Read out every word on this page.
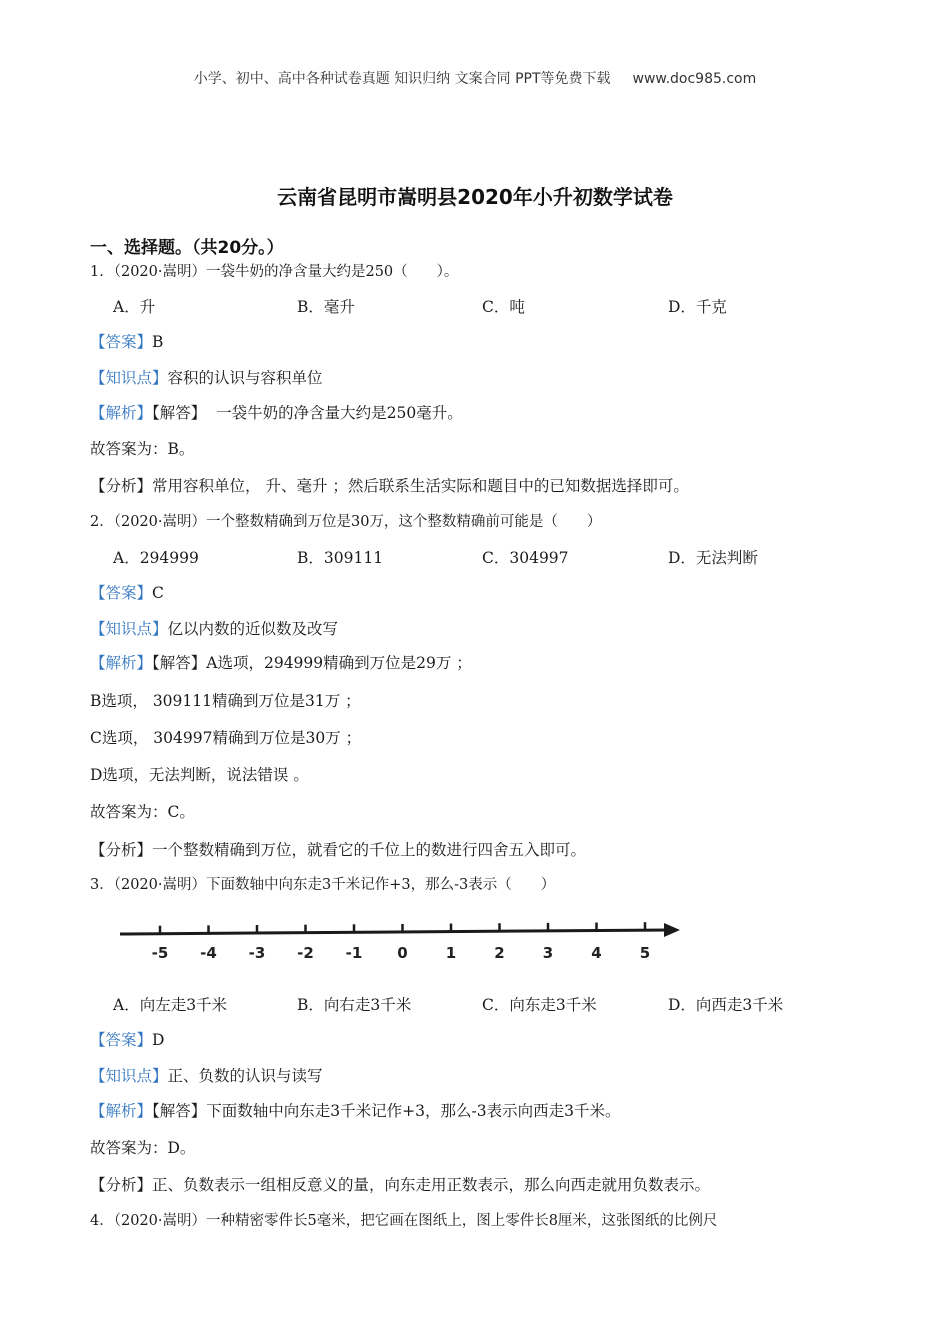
小学、初中、高中各种试卷真题 知识归纳 文案合同 PPT等免费下载 www.doc985.com
云南省昆明市嵩明县2020年小升初数学试卷
一、选择题。（共20分。）
1．（2020·嵩明）一袋牛奶的净含量大约是250（　　）。
A．升	B．毫升	C．吨	D．千克
【答案】B
【知识点】容积的认识与容积单位
【解析】【解答】 一袋牛奶的净含量大约是250毫升。
故答案为：B。
【分析】常用容积单位， 升、毫升 ；然后联系生活实际和题目中的已知数据选择即可。
2．（2020·嵩明）一个整数精确到万位是30万，这个整数精确前可能是（　　）
A．294999	B．309111	C．304997	D．无法判断
【答案】C
【知识点】亿以内数的近似数及改写
【解析】【解答】A选项，294999精确到万位是29万 ；
B选项， 309111精确到万位是31万 ；
C选项， 304997精确到万位是30万 ；
D选项，无法判断，说法错误 。
故答案为：C。
【分析】一个整数精确到万位，就看它的千位上的数进行四舍五入即可。
3．（2020·嵩明）下面数轴中向东走3千米记作+3，那么-3表示（　　）
-5 -4 -3 -2 -1 0	1	2	3	4	5
A．向左走3千米	B．向右走3千米	C．向东走3千米	D．向西走3千米
【答案】D
【知识点】正、负数的认识与读写
【解析】【解答】下面数轴中向东走3千米记作+3，那么-3表示向西走3千米。
故答案为：D。
【分析】正、负数表示一组相反意义的量，向东走用正数表示，那么向西走就用负数表示。
4．（2020·嵩明）一种精密零件长5毫米，把它画在图纸上，图上零件长8厘米，这张图纸的比例尺
